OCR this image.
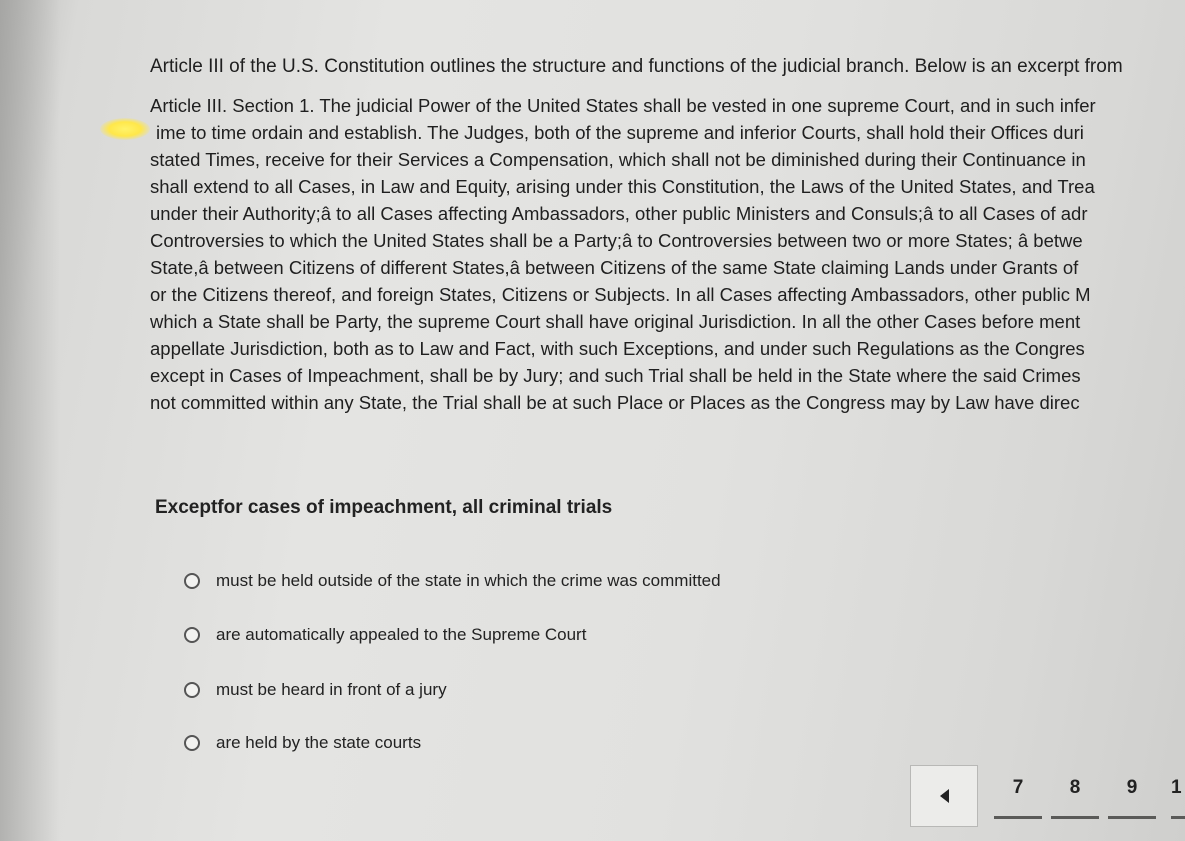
Article III of the U.S. Constitution outlines the structure and functions of the judicial branch. Below is an excerpt from
Article III. Section 1. The judicial Power of the United States shall be vested in one supreme Court, and in such infer
ime to time ordain and establish. The Judges, both of the supreme and inferior Courts, shall hold their Offices duri
stated Times, receive for their Services a Compensation, which shall not be diminished during their Continuance in
shall extend to all Cases, in Law and Equity, arising under this Constitution, the Laws of the United States, and Trea
under their Authority;â to all Cases affecting Ambassadors, other public Ministers and Consuls;â to all Cases of adr
Controversies to which the United States shall be a Party;â to Controversies between two or more States; â betwe
State,â between Citizens of different States,â between Citizens of the same State claiming Lands under Grants of
or the Citizens thereof, and foreign States, Citizens or Subjects. In all Cases affecting Ambassadors, other public M
which a State shall be Party, the supreme Court shall have original Jurisdiction. In all the other Cases before ment
appellate Jurisdiction, both as to Law and Fact, with such Exceptions, and under such Regulations as the Congres
except in Cases of Impeachment, shall be by Jury; and such Trial shall be held in the State where the said Crimes
not committed within any State, the Trial shall be at such Place or Places as the Congress may by Law have direc
Exceptfor cases of impeachment, all criminal trials
must be held outside of the state in which the crime was committed
are automatically appealed to the Supreme Court
must be heard in front of a jury
are held by the state courts
7	8	9	1
